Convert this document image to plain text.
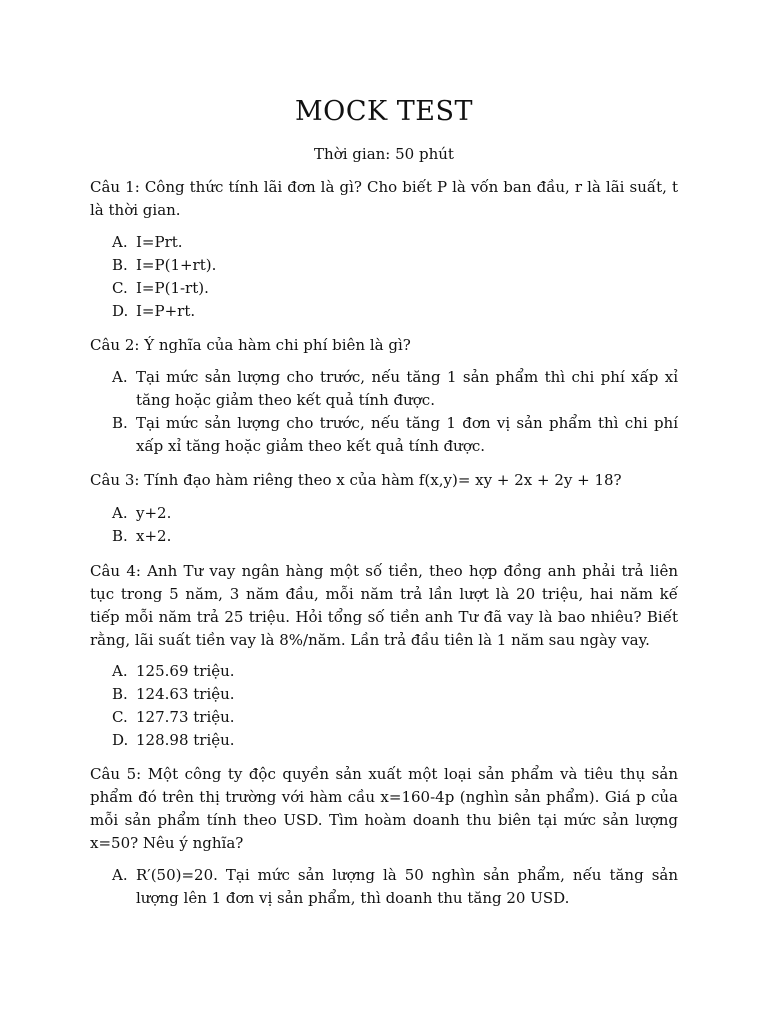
MOCK TEST
Thời gian: 50 phút
Câu 1: Công thức tính lãi đơn là gì? Cho biết P là vốn ban đầu, r là lãi suất, t là thời gian.
A. I=Prt.
B. I=P(1+rt).
C. I=P(1-rt).
D. I=P+rt.
Câu 2: Ý nghĩa của hàm chi phí biên là gì?
A. Tại mức sản lượng cho trước, nếu tăng 1 sản phẩm thì chi phí xấp xỉ tăng hoặc giảm theo kết quả tính được.
B. Tại mức sản lượng cho trước, nếu tăng 1 đơn vị sản phẩm thì chi phí xấp xỉ tăng hoặc giảm theo kết quả tính được.
Câu 3: Tính đạo hàm riêng theo x của hàm f(x,y)= xy + 2x + 2y + 18?
A. y+2.
B. x+2.
Câu 4: Anh Tư vay ngân hàng một số tiền, theo hợp đồng anh phải trả liên tục trong 5 năm, 3 năm đầu, mỗi năm trả lần lượt là 20 triệu, hai năm kế tiếp mỗi năm trả 25 triệu. Hỏi tổng số tiền anh Tư đã vay là bao nhiêu? Biết rằng, lãi suất tiền vay là 8%/năm. Lần trả đầu tiên là 1 năm sau ngày vay.
A. 125.69 triệu.
B. 124.63 triệu.
C. 127.73 triệu.
D. 128.98 triệu.
Câu 5: Một công ty độc quyền sản xuất một loại sản phẩm và tiêu thụ sản phẩm đó trên thị trường với hàm cầu x=160-4p (nghìn sản phẩm). Giá p của mỗi sản phẩm tính theo USD. Tìm hoàm doanh thu biên tại mức sản lượng x=50? Nêu ý nghĩa?
A. R′(50)=20. Tại mức sản lượng là 50 nghìn sản phẩm, nếu tăng sản lượng lên 1 đơn vị sản phẩm, thì doanh thu tăng 20 USD.
